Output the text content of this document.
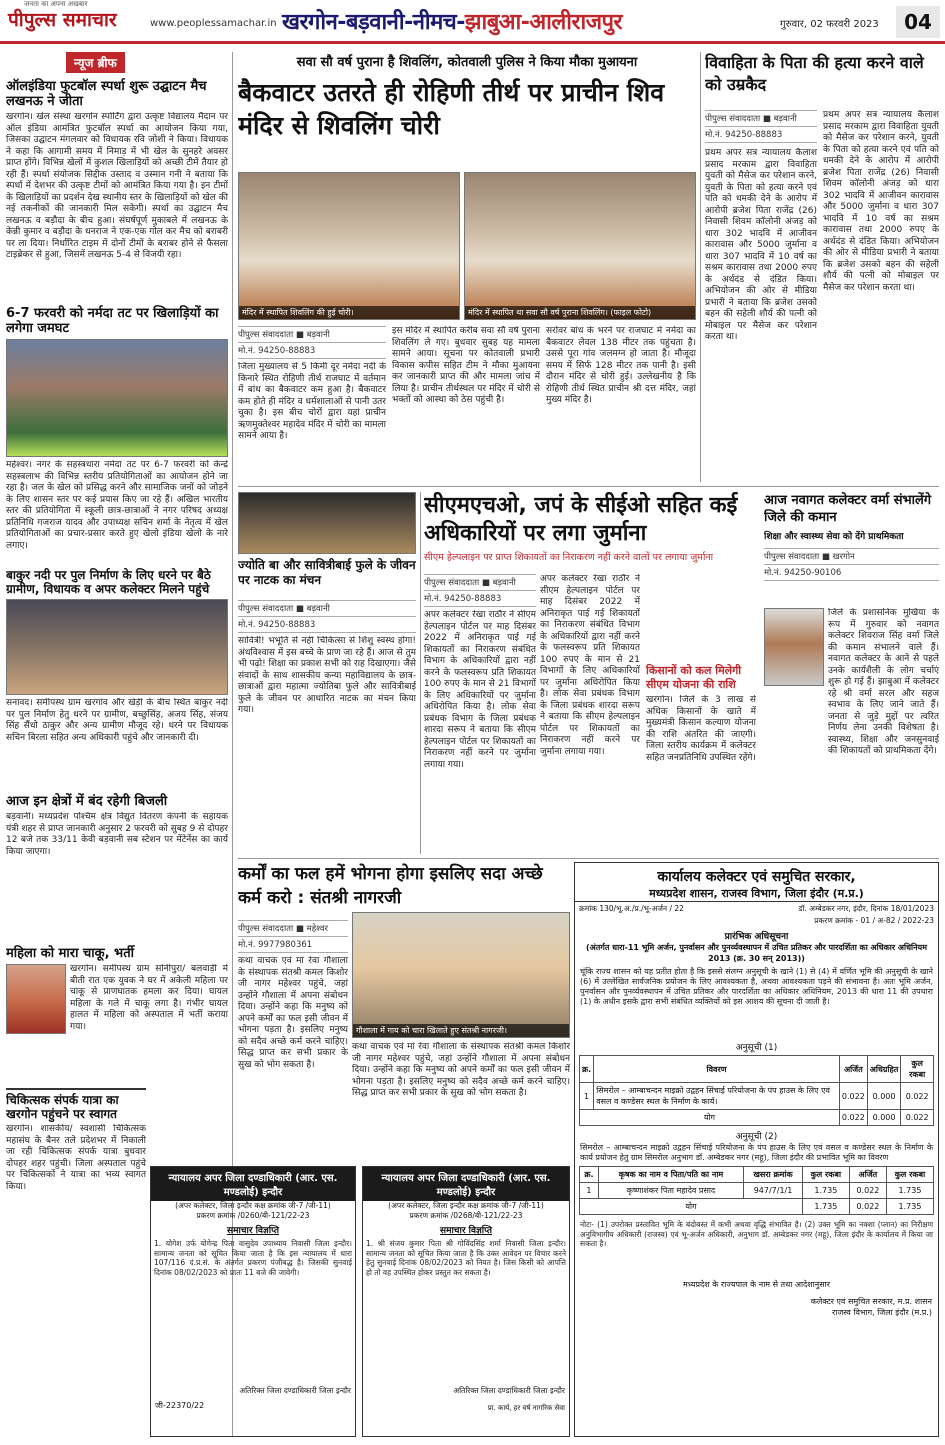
जनता का अपना अखबार
पीपुल्स समाचार	www.peoplessamachar.in खरगोन-बड़वानी-नीमच-झाबुआ-आलीराजपुर	गुरुवार, 02 फरवरी 2023	04
न्यूज ब्रीफ
ऑलइंडिया फुटबॉल स्पर्धा शुरू उद्घाटन मैच लखनऊ ने जीता
खरगोन। खेल संस्था खरगोन स्पोर्टिंग द्वारा उत्कृष्ट विद्यालय मैदान पर ऑल इंडिया आमंत्रित फुटबॉल स्पर्धा का आयोजन किया गया, जिसका उद्घाटन मंगलवार को विधायक रवि जोशी ने किया। विधायक ने कहा कि आगामी समय में निमाड़ में भी खेल के सुनहरे अवसर प्राप्त होंगे। विभिन्न खेलों में कुशल खिलाड़ियों को अच्छी टीमें तैयार हो रही हैं। स्पर्धा संयोजक सिद्दीक उस्ताद व उस्मान गनी ने बताया कि स्पर्धा में देशभर की उत्कृष्ट टीमों को आमंत्रित किया गया है। इन टीमों के खिलाड़ियों का प्रदर्शन देख स्थानीय स्तर के खिलाड़ियों को खेल की नई तकनीकों की जानकारी मिल सकेगी। स्पर्धा का उद्घाटन मैच लखनऊ व बड़ौदा के बीच हुआ। संघर्षपूर्ण मुकाबले में लखनऊ के केन्नी कुमार व बड़ौदा के धनराज ने एक-एक गोल कर मैच को बराबरी पर ला दिया। निर्धारित टाइम में दोनों टीमों के बराबर होने से फैसला टाइब्रेकर से हुआ, जिसमें लखनऊ 5-4 से विजयी रहा।
6-7 फरवरी को नर्मदा तट पर खिलाड़ियों का लगेगा जमघट
महेश्वर। नगर के सहस्त्रधारा नर्मदा तट पर 6-7 फरवरी को केन्द्रे सहस्त्रलाभ की विभिन्न स्तरीय प्रतियोगिताओं का आयोजन होने जा रहा है। जल के खेल को प्रसिद्ध करने और सामाजिक जनों को जोड़ने के लिए शासन स्तर पर कई प्रयास किए जा रहे हैं। अखिल भारतीय स्तर की प्रतियोगिता में स्कूली छात्र-छात्राओं ने नगर परिषद अध्यक्ष प्रतिनिधि गजराज यादव और उपाध्यक्ष सचिन शर्मा के नेतृत्व में खेल प्रतियोगिताओं का प्रचार-प्रसार करते हुए खेलो इंडिया खेलो के नारे लगाए।
बाकुर नदी पर पुल निर्माण के लिए धरने पर बैठे ग्रामीण, विधायक व अपर कलेक्टर मिलने पहुंचे
सनावद। समीपस्थ ग्राम खरगांव और खेड़ी के बीच स्थित बाकुर नदी पर पुल निर्माण हेतु धरने पर ग्रामीण, बच्छुसिंह, अजय सिंह, संजय सिंह सैंधो ठाकुर और अन्य ग्रामीण मौजूद रहे। धरने पर विधायक सचिन बिरला सहित अन्य अधिकारी पहुंचे और जानकारी दी।
आज इन क्षेत्रों में बंद रहेगी बिजली
बड़वानी। मध्यप्रदेश पश्चिम क्षेत्र विद्युत वितरण कंपनी के सहायक यंत्री शहर से प्राप्त जानकारी अनुसार 2 फरवरी को सुबह 9 से दोपहर 12 बजे तक 33/11 केवी बड़वानी सब स्टेशन पर मेंटेनेंस का कार्य किया जाएगा।
महिला को मारा चाकू, भर्ती
खरगोन। समीपस्थ ग्राम सोनीपुरा/ बलवाड़ी में बीती रात एक युवक ने घर में अकेली महिला पर चाकू से प्राणघातक हमला कर दिया। घायल महिला के गले में चाकू लगा है। गंभीर घायल हालत में महिला को अस्पताल में भर्ती कराया गया।
चिकित्सक संपर्क यात्रा का खरगोन पहुंचने पर स्वागत
खरगोन। शासकीय/ स्वशासी चिकित्सक महासंघ के बैनर तले प्रदेशभर में निकाली जा रही चिकित्सक संपर्क यात्रा बुधवार दोपहर शहर पहुंची। जिला अस्पताल पहुंचे पर चिकित्सकों ने यात्रा का भव्य स्वागत किया।
सवा सौ वर्ष पुराना है शिवलिंग, कोतवाली पुलिस ने किया मौका मुआयना
बैकवाटर उतरते ही रोहिणी तीर्थ पर प्राचीन शिव मंदिर से शिवलिंग चोरी
मंदिर में स्थापित शिवलिंग की हुई चोरी।	मंदिर में स्थापित था सवा सौ वर्ष पुराना शिवलिंग। (फाइल फोटो)
पीपुल्स संवाददाता ■ बड़वानी
मो.नं. 94250-88883
जिला मुख्यालय से 5 किमी दूर नर्मदा नदी के किनारे स्थित रोहिणी तीर्थ राजघाट में वर्तमान में बांध का बैकवाटर कम हुआ है। बैकवाटर कम होते ही मंदिर व धर्मशालाओं से पानी उतर चुका है। इस बीच चोरों द्वारा यहां प्राचीन ऋणमुक्तेश्वर महादेव मंदिर में चोरी का मामला सामने आया है।
इस मंदिर में स्थापित करीब सवा सौ वर्ष पुराना शिवलिंग ले गए। बुधवार सुबह यह मामला सामने आया। सूचना पर कोतवाली प्रभारी विकास कपीस सहित टीम ने मौका मुआयना कर जानकारी प्राप्त की और मामला जांच में लिया है। प्राचीन तीर्थस्थल पर मंदिर में चोरी से भक्तों को आस्था को ठेस पहुंची है।
सरोवर बांध के भरने पर राजघाट में नर्मदा का बैकवाटर लेवल 138 मीटर तक पहुंचता है। उससे पूरा गांव जलमग्न हो जाता है। मौजूदा समय में सिर्फ 128 मीटर तक पानी है। इसी दौरान मंदिर से चोरी हुई। उल्लेखनीय है कि रोहिणी तीर्थ स्थित प्राचीन श्री दत्त मंदिर, जहां मुख्य मंदिर है।
विवाहिता के पिता की हत्या करने वाले को उम्रकैद
पीपुल्स संवाददाता ■ बड़वानी
मो.नं. 94250-88883
प्रथम अपर सत्र न्यायालय कैलाश प्रसाद मरकाम द्वारा विवाहिता युवती को मैसेज कर परेशान करने, युवती के पिता को हत्या करने एवं पति को धमकी देने के आरोप में आरोपी ब्रजेश पिता राजेंद्र (26) निवासी शिवम कॉलोनी अंजड़ को धारा 302 भादवि में आजीवन कारावास और 5000 जुर्माना व धारा 307 भादवि में 10 वर्ष का सश्रम कारावास तथा 2000 रुपए के अर्थदंड से दंडित किया। अभियोजन की ओर से मीडिया प्रभारी ने बताया कि ब्रजेश उसको बहन की सहेली शौर्य की पत्नी को मोबाइल पर मैसेज कर परेशान करता था।
प्रथम अपर सत्र न्यायालय कैलाश प्रसाद मरकाम द्वारा विवाहिता युवती को मैसेज कर परेशान करने, युवती के पिता को हत्या करने एवं पति को धमकी देने के आरोप में आरोपी ब्रजेश पिता राजेंद्र (26) निवासी शिवम कॉलोनी अंजड़ को धारा 302 भादवि में आजीवन कारावास और 5000 जुर्माना व धारा 307 भादवि में 10 वर्ष का सश्रम कारावास तथा 2000 रुपए के अर्थदंड से दंडित किया। अभियोजन की ओर से मीडिया प्रभारी ने बताया कि ब्रजेश उसको बहन की सहेली शौर्य की पत्नी को मोबाइल पर मैसेज कर परेशान करता था।
ज्योति बा और सावित्रीबाई फुले के जीवन पर नाटक का मंचन
पीपुल्स संवाददाता ■ बड़वानी
मो.नं. 94250-88883
सावित्री! भभूति से नहीं चिकित्सा से शिशु स्वस्थ होगा! अंधविश्वास में इस बच्चे के प्राण जा रहे हैं। आज से तुम भी पढ़ो! शिक्षा का प्रकाश सभी को राह दिखाएगा। जैसे संवादों के साथ शासकीय कन्या महाविद्यालय के छात्र-छात्राओं द्वारा महात्मा ज्योतिबा फुले और सावित्रीबाई फुले के जीवन पर आधारित नाटक का मंचन किया गया।
सीएमएचओ, जपं के सीईओ सहित कई अधिकारियों पर लगा जुर्माना
सीएम हेल्पलाइन पर प्राप्त शिकायतों का निराकरण नहीं करने वालों पर लगाया जुर्माना
पीपुल्स संवाददाता ■ बड़वानी
मो.नं. 94250-88883
अपर कलेक्टर रेखा राठौर ने सीएम हेल्पलाइन पोर्टल पर माह दिसंबर 2022 में अनिराकृत पाई गई शिकायतों का निराकरण संबंधित विभाग के अधिकारियों द्वारा नहीं करने के फलस्वरूप प्रति शिकायत 100 रुपए के मान से 21 विभागों के लिए अधिकारियों पर जुर्माना अधिरोपित किया है। लोक सेवा प्रबंधक विभाग के जिला प्रबंधक शारदा सरूप ने बताया कि सीएम हेल्पलाइन पोर्टल पर शिकायतों का निराकरण नहीं करने पर जुर्माना लगाया गया।
अपर कलेक्टर रेखा राठौर ने सीएम हेल्पलाइन पोर्टल पर माह दिसंबर 2022 में अनिराकृत पाई गई शिकायतों का निराकरण संबंधित विभाग के अधिकारियों द्वारा नहीं करने के फलस्वरूप प्रति शिकायत 100 रुपए के मान से 21 विभागों के लिए अधिकारियों पर जुर्माना अधिरोपित किया है। लोक सेवा प्रबंधक विभाग के जिला प्रबंधक शारदा सरूप ने बताया कि सीएम हेल्पलाइन पोर्टल पर शिकायतों का निराकरण नहीं करने पर जुर्माना लगाया गया।
किसानों को कल मिलेगी सीएम योजना की राशि
खरगोन। जिले के 3 लाख से अधिक किसानों के खाते में मुख्यमंत्री किसान कल्याण योजना की राशि अंतरित की जाएगी। जिला स्तरीय कार्यक्रम में कलेक्टर सहित जनप्रतिनिधि उपस्थित रहेंगे।
आज नवागत कलेक्टर वर्मा संभालेंगे जिले की कमान
शिक्षा और स्वास्थ्य सेवा को देंगे प्राथमिकता
पीपुल्स संवाददाता ■ खरगोन
मो.नं. 94250-90106
जिले के प्रशासनिक मुखिया के रूप में गुरुवार को नवागत कलेक्टर शिवराज सिंह वर्मा जिले की कमान संभालने वाले हैं। नवागत कलेक्टर के आने से पहले उनके कार्यशैली के लोग चर्चाएं शुरू हो गई हैं। झाबुआ में कलेक्टर रहे श्री वर्मा सरल और सहज स्वभाव के लिए जाने जाते हैं। जनता से जुड़े मुद्दों पर त्वरित निर्णय लेना उनकी विशेषता है। स्वास्थ्य, शिक्षा और जनसुनवाई की शिकायतों को प्राथमिकता देंगे।
कर्मों का फल हमें भोगना होगा इसलिए सदा अच्छे कर्म करो : संतश्री नागरजी
पीपुल्स संवाददाता ■ महेश्वर
मो.नं. 9977980361
कथा वाचक एवं मां रेवा गौशाला के संस्थापक संतश्री कमल किशोर जी नागर महेश्वर पहुंचे, जहां उन्होंने गौशाला में अपना संबोधन दिया। उन्होंने कहा कि मनुष्य को अपने कर्मों का फल इसी जीवन में भोगना पड़ता है। इसलिए मनुष्य को सदैव अच्छे कर्म करने चाहिए। सिद्ध प्राप्त कर सभी प्रकार के सुख को भोग सकता है।
गौशाला में गाय को चारा खिलाते हुए संतश्री नागरजी।
कथा वाचक एवं मां रेवा गौशाला के संस्थापक संतश्री कमल किशोर जी नागर महेश्वर पहुंचे, जहां उन्होंने गौशाला में अपना संबोधन दिया। उन्होंने कहा कि मनुष्य को अपने कर्मों का फल इसी जीवन में भोगना पड़ता है। इसलिए मनुष्य को सदैव अच्छे कर्म करने चाहिए। सिद्ध प्राप्त कर सभी प्रकार के सुख को भोग सकता है।
कार्यालय कलेक्टर एवं समुचित सरकार,
मध्यप्रदेश शासन, राजस्व विभाग, जिला इंदौर (म.प्र.)
क्रमांक 130/भू.अ./प्र./भू-अर्जन / 22	डॉ. अम्बेडकर नगर, इंदौर, दिनांक 18/01/2023
प्रकरण क्रमांक - 01 / अ-82 / 2022-23
प्रारंभिक अधिसूचना
(अंतर्गत धारा-11 भूमि अर्जन, पुनर्वासन और पुनर्व्यवस्थापन में उचित प्रतिकर और पारदर्शिता का अधिकार अधिनियम 2013 (क्र. 30 सन् 2013))
चूंकि राज्य शासन को यह प्रतीत होता है कि इससे संलग्न अनुसूची के खाने (1) से (4) में वर्णित भूमि की अनुसूची के खाने (6) में उल्लेखित सार्वजनिक प्रयोजन के लिए आवश्यकता है, अथवा आवश्यकता पड़ने की संभावना है। अतः भूमि अर्जन, पुनर्वासन और पुनर्व्यवस्थापन में उचित प्रतिकर और पारदर्शिता का अधिकार अधिनियम, 2013 की धारा 11 की उपधारा (1) के अधीन इसके द्वारा सभी संबंधित व्यक्तियों को इस आशय की सूचना दी जाती है।
अनुसूची (1)
क्र.	विवरण	अर्जित	अधिग्रहित	कुल रकबा
1	सिमरोल – आम्बाचन्दन माइक्रो उद्वहन सिंचाई परियोजना के पंप हाउस के लिए एवं वसल व कण्डेसर स्थल के निर्माण के कार्य।	0.022	0.000	0.022
योग		0.022	0.000	0.022
अनुसूची (2)
सिमरोल – आम्बाचन्दन माइक्रो उद्वहन सिंचाई परियोजना के पंप हाउस के लिए एवं वसल व कण्डेसर स्थल के निर्माण के कार्य प्रयोजन हेतु ग्राम सिमरोल अनुभाग डॉ. अम्बेडकर नगर (महू), जिला इंदौर की प्रभावित भूमि का विवरण
क्र.	कृषक का नाम व पिता/पति का नाम	खसरा क्रमांक	कुल रकबा	अर्जित	कुल रकबा
1	कृष्णाशंकर पिता महादेव प्रसाद	947/7/1/1	1.735	0.022	1.735
योग			1.735	0.022	1.735
नोटः- (1) उपरोक्त प्रस्तावित भूमि के बंदोबस्त में कभी अथवा वृद्धि संभावित है। (2) उक्त भूमि का नक्शा (प्लान) का निरीक्षण अनुविभागीय अधिकारी (राजस्व) एवं भू-अर्जन अधिकारी, अनुभाग डॉ. अम्बेडकर नगर (महू), जिला इंदौर के कार्यालय में किया जा सकता है।
मध्यप्रदेश के राज्यपाल के नाम से तथा आदेशानुसार
कलेक्टर एवं समुचित सरकार, म.प्र. शासन
राजस्व विभाग, जिला इंदौर (म.प्र.)
न्यायालय अपर जिला दण्डाधिकारी (आर. एस. मण्डलोई) इन्दौर
(अपर कलेक्टर, जिला इन्दौर कक्ष क्रमांक जी-7 /जी-11)
प्रकरण क्रमांक /0260/बी-121/22-23
समाचार विज्ञप्ति
1. योगेश उर्फ योगेन्द्र पिता वासुदेव उपाध्याय निवासी जिला इन्दौर। सामान्य जनता को सूचित किया जाता है कि इस न्यायालय में धारा 107/116 दं.प्र.सं. के अंतर्गत प्रकरण पंजीबद्ध है। जिसकी सुनवाई दिनांक 08/02/2023 को प्रातः 11 बजे की जावेगी।
अतिरिक्त जिला दण्डाधिकारी जिला इन्दौर
जी-22370/22
न्यायालय अपर जिला दण्डाधिकारी (आर. एस. मण्डलोई) इन्दौर
(अपर कलेक्टर, जिला इन्दौर कक्ष क्रमांक जी-7 /जी-11)
प्रकरण क्रमांक /0268/बी-121/22-23
समाचार विज्ञप्ति
1. श्री संजय कुमार पिता श्री गोविंदसिंह शर्मा निवासी जिला इन्दौर। सामान्य जनता को सूचित किया जाता है कि उक्त आवेदन पर विचार करने हेतु सुनवाई दिनांक 08/02/2023 को नियत है। जिस किसी को आपत्ति हो तो वह उपस्थित होकर प्रस्तुत कर सकता है।
अतिरिक्त जिला दण्डाधिकारी जिला इन्दौर
प्रा. कार्य, हर वर्ष नागरिक सेवा
